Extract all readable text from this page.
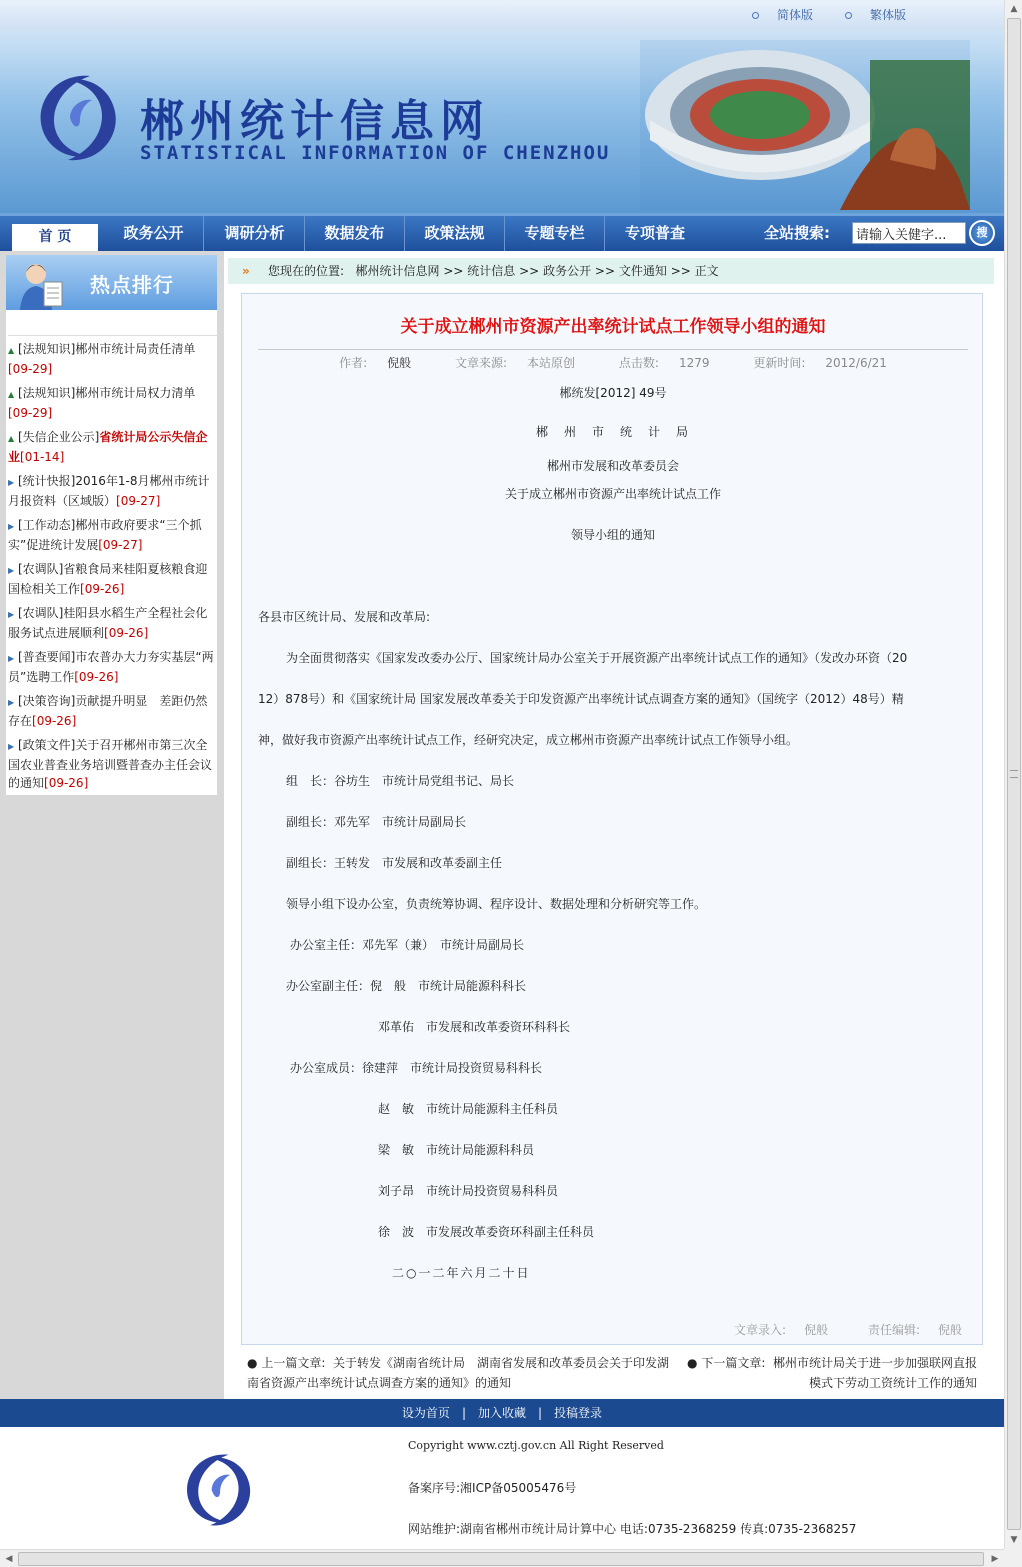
简体版	繁体版
郴州统计信息网
STATISTICAL INFORMATION OF CHENZHOU
首 页	政务公开	调研分析	数据发布	政策法规	专题专栏	专项普查	全站搜索:
请输入关健字...	搜
热点排行
▲ [法规知识]郴州市统计局责任清单
[09-29]
▲ [法规知识]郴州市统计局权力清单
[09-29]
▲ [失信企业公示]省统计局公示失信企业[01-14]
▶ [统计快报]2016年1-8月郴州市统计月报资料（区域版）[09-27]
▶ [工作动态]郴州市政府要求“三个抓实”促进统计发展[09-27]
▶ [农调队]省粮食局来桂阳夏核粮食迎国检相关工作[09-26]
▶ [农调队]桂阳县水稻生产全程社会化服务试点进展顺利[09-26]
▶ [普查要闻]市农普办大力夯实基层“两员”选聘工作[09-26]
▶ [决策咨询]贡献提升明显　差距仍然存在[09-26]
▶ [政策文件]关于召开郴州市第三次全国农业普查业务培训暨普查办主任会议的通知[09-26]
» 您现在的位置: 郴州统计信息网 >> 统计信息 >> 政务公开 >> 文件通知 >> 正文
关于成立郴州市资源产出率统计试点工作领导小组的通知
作者: 倪般	文章来源: 本站原创	点击数: 1279	更新时间: 2012/6/21
郴统发[2012] 49号
郴　州　市　统　计　局
郴州市发展和改革委员会
关于成立郴州市资源产出率统计试点工作
领导小组的通知
各县市区统计局、发展和改革局:
为全面贯彻落实《国家发改委办公厅、国家统计局办公室关于开展资源产出率统计试点工作的通知》（发改办环资（20
12）878号）和《国家统计局 国家发展改革委关于印发资源产出率统计试点调查方案的通知》（国统字（2012）48号）精
神，做好我市资源产出率统计试点工作，经研究决定，成立郴州市资源产出率统计试点工作领导小组。
组　长：谷坊生　市统计局党组书记、局长
副组长：邓先军　市统计局副局长
副组长：王转发　市发展和改革委副主任
领导小组下设办公室，负责统筹协调、程序设计、数据处理和分析研究等工作。
办公室主任：邓先军（兼）　市统计局副局长
办公室副主任：倪　般　市统计局能源科科长
邓革佑　市发展和改革委资环科科长
办公室成员：徐建萍　市统计局投资贸易科科长
赵　敏　市统计局能源科主任科员
梁　敏　市统计局能源科科员
刘子昂　市统计局投资贸易科科员
徐　波　市发展改革委资环科副主任科员
二○一二年六月二十日
文章录入: 倪般	责任编辑: 倪般
● 上一篇文章: 关于转发《湖南省统计局　湖南省发展和改革委员会关于印发湖南省资源产出率统计试点调查方案的通知》的通知
● 下一篇文章: 郴州市统计局关于进一步加强联网直报模式下劳动工资统计工作的通知
设为首页 | 加入收藏 | 投稿登录
Copyright www.cztj.gov.cn All Right Reserved
备案序号:湘ICP备05005476号
网站维护:湖南省郴州市统计局计算中心 电话:0735-2368259 传真:0735-2368257
▲
▼
◀	▶
